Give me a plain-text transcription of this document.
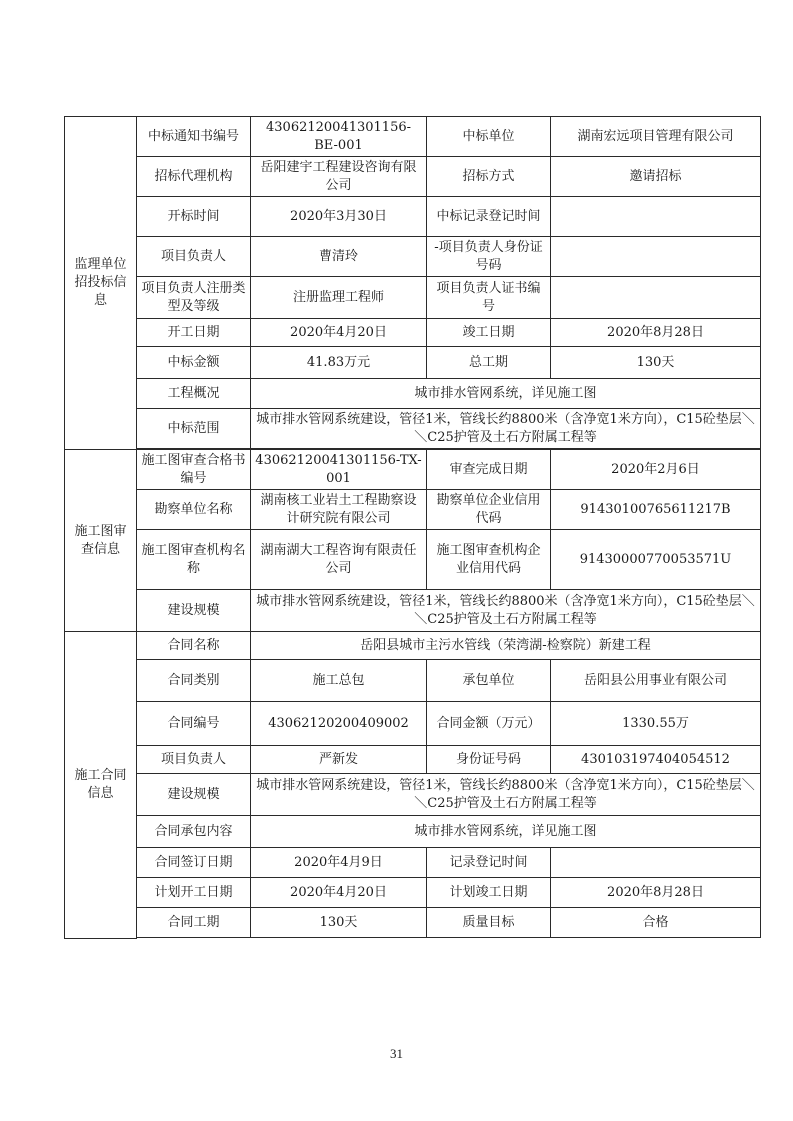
监理单位招投标信息	中标通知书编号	43062120041301156-BE-001	中标单位	湖南宏远项目管理有限公司
	招标代理机构	岳阳建宇工程建设咨询有限公司	招标方式	邀请招标
	开标时间	2020年3月30日	中标记录登记时间	
	项目负责人	曹清玲	-项目负责人身份证号码	
	项目负责人注册类型及等级	注册监理工程师	项目负责人证书编号	
	开工日期	2020年4月20日	竣工日期	2020年8月28日
	中标金额	41.83万元	总工期	130天
	工程概况	城市排水管网系统，详见施工图		
	中标范围	城市排水管网系统建设，管径1米，管线长约8800米（含净宽1米方向），C15砼垫层＼＼C25护管及土石方附属工程等		

施工图审查信息	施工图审查合格书编号	43062120041301156-TX-001	审查完成日期	2020年2月6日
	勘察单位名称	湖南核工业岩土工程勘察设计研究院有限公司	勘察单位企业信用代码	91430100765611217B
	施工图审查机构名称	湖南湖大工程咨询有限责任公司	施工图审查机构企业信用代码	91430000770053571U
	建设规模	城市排水管网系统建设，管径1米，管线长约8800米（含净宽1米方向），C15砼垫层＼＼C25护管及土石方附属工程等		
施工合同信息	合同名称	岳阳县城市主污水管线（荣湾湖-检察院）新建工程		
	合同类别	施工总包	承包单位	岳阳县公用事业有限公司
	合同编号	43062120200409002	合同金额（万元）	1330.55万
	项目负责人	严新发	身份证号码	430103197404054512
	建设规模	城市排水管网系统建设，管径1米，管线长约8800米（含净宽1米方向），C15砼垫层＼＼C25护管及土石方附属工程等		
	合同承包内容	城市排水管网系统，详见施工图		
	合同签订日期	2020年4月9日	记录登记时间	
	计划开工日期	2020年4月20日	计划竣工日期	2020年8月28日
	合同工期	130天	质量目标	合格

31
